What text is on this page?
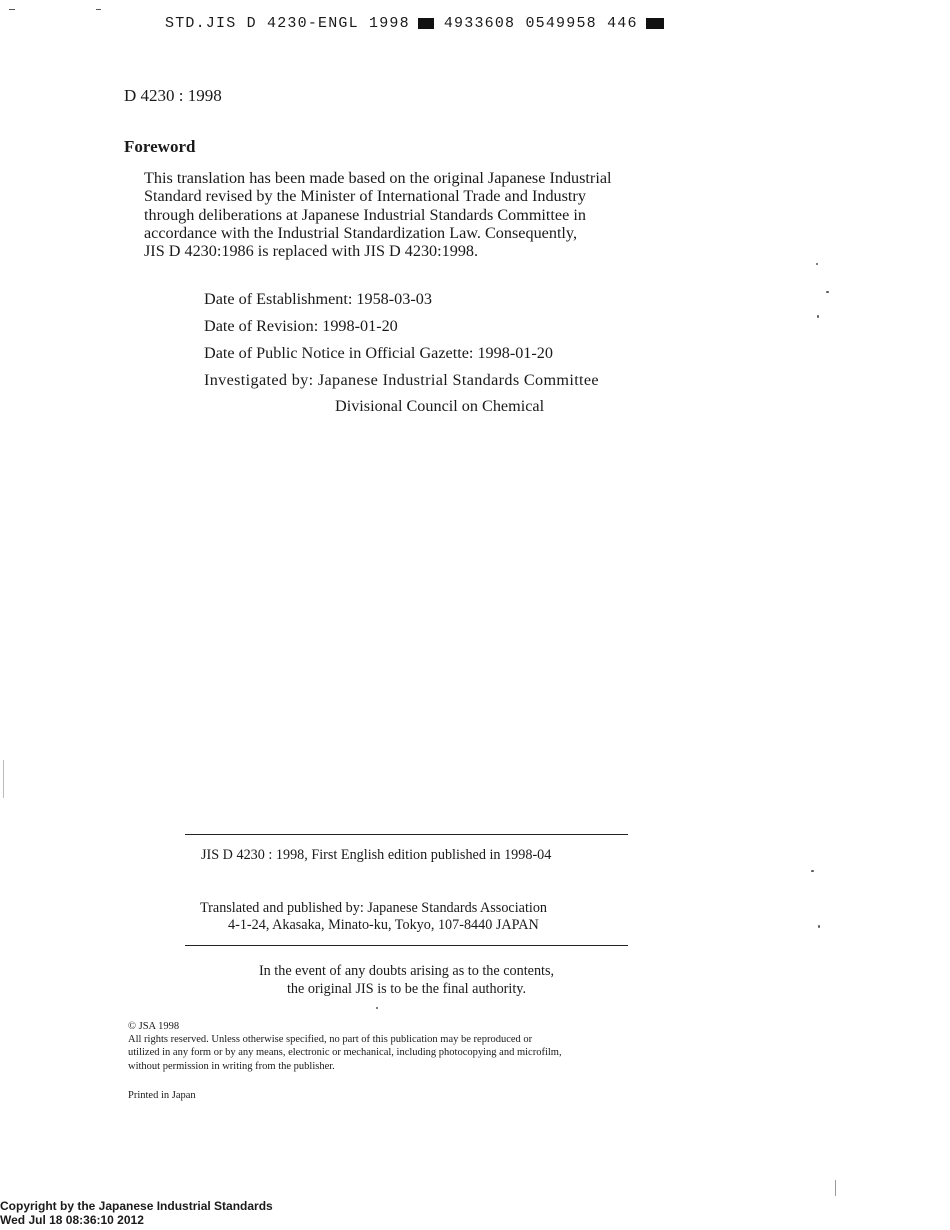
STD.JIS D 4230-ENGL 1998 4933608 0549958 446
D 4230 : 1998
Foreword

This translation has been made based on the original Japanese Industrial

Standard revised by the Minister of International Trade and Industry

through deliberations at Japanese Industrial Standards Committee in

accordance with the Industrial Standardization Law. Consequently,

JIS D 4230:1986 is replaced with JIS D 4230:1998.

Date of Establishment: 1958-03-03
Date of Revision: 1998-01-20
Date of Public Notice in Official Gazette: 1998-01-20
Investigated by: Japanese Industrial Standards Committee
Divisional Council on Chemical
JIS D 4230 : 1998, First English edition published in 1998-04
Translated and published by: Japanese Standards Association
4-1-24, Akasaka, Minato-ku, Tokyo, 107-8440 JAPAN
In the event of any doubts arising as to the contents,
the original JIS is to be the final authority.
© JSA 1998
All rights reserved. Unless otherwise specified, no part of this publication may be reproduced or
utilized in any form or by any means, electronic or mechanical, including photocopying and microfilm,
without permission in writing from the publisher.
Printed in Japan
Copyright by the Japanese Industrial Standards
Wed Jul 18 08:36:10 2012
